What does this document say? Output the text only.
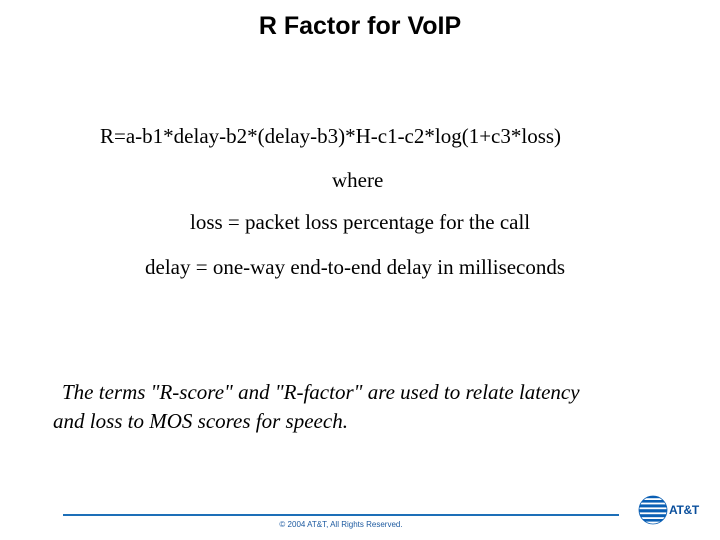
R Factor for VoIP
R=a-b1*delay-b2*(delay-b3)*H-c1-c2*log(1+c3*loss)
where
loss = packet loss percentage for the call
delay = one-way end-to-end delay in milliseconds
The terms "R-score" and "R-factor" are used to relate latency
and loss to MOS scores for speech.
© 2004 AT&T, All Rights Reserved.
AT&T
